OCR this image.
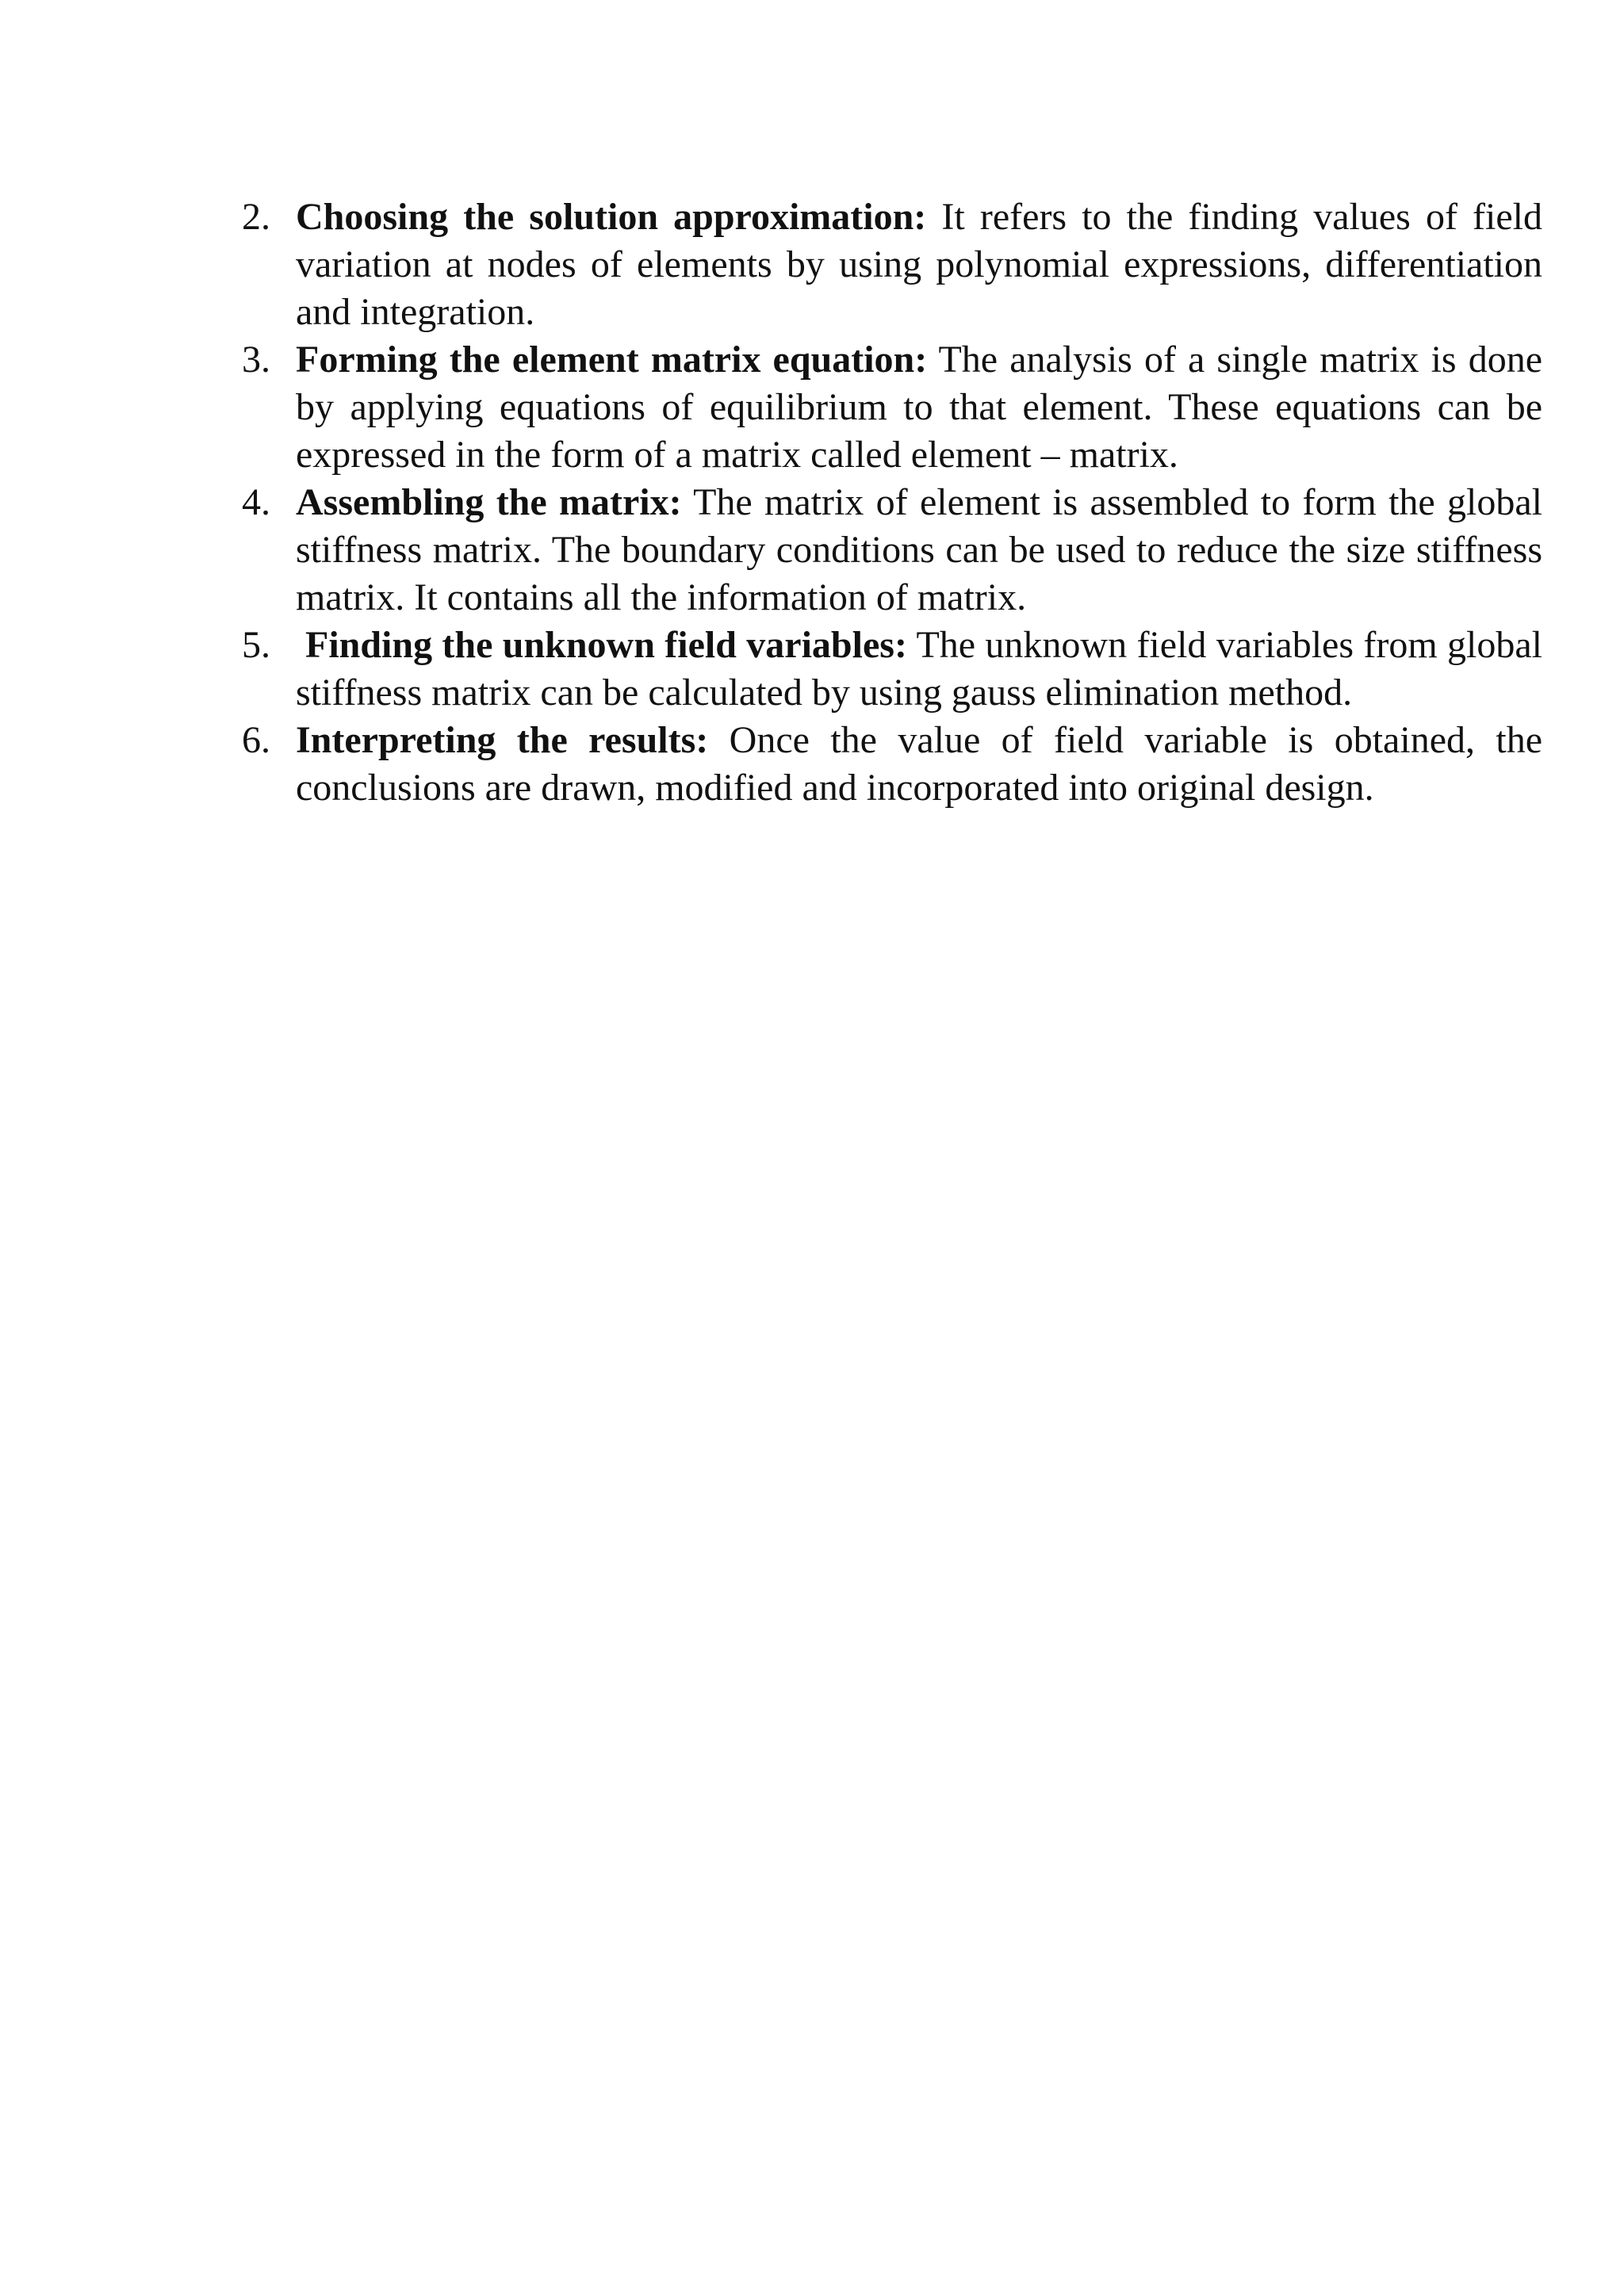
2. Choosing the solution approximation: It refers to the finding values of field variation at nodes of elements by using polynomial expressions, differentiation and integration.
3. Forming the element matrix equation: The analysis of a single matrix is done by applying equations of equilibrium to that element. These equations can be expressed in the form of a matrix called element – matrix.
4. Assembling the matrix: The matrix of element is assembled to form the global stiffness matrix. The boundary conditions can be used to reduce the size stiffness matrix. It contains all the information of matrix.
5. Finding the unknown field variables: The unknown field variables from global stiffness matrix can be calculated by using gauss elimination method.
6. Interpreting the results: Once the value of field variable is obtained, the conclusions are drawn, modified and incorporated into original design.
